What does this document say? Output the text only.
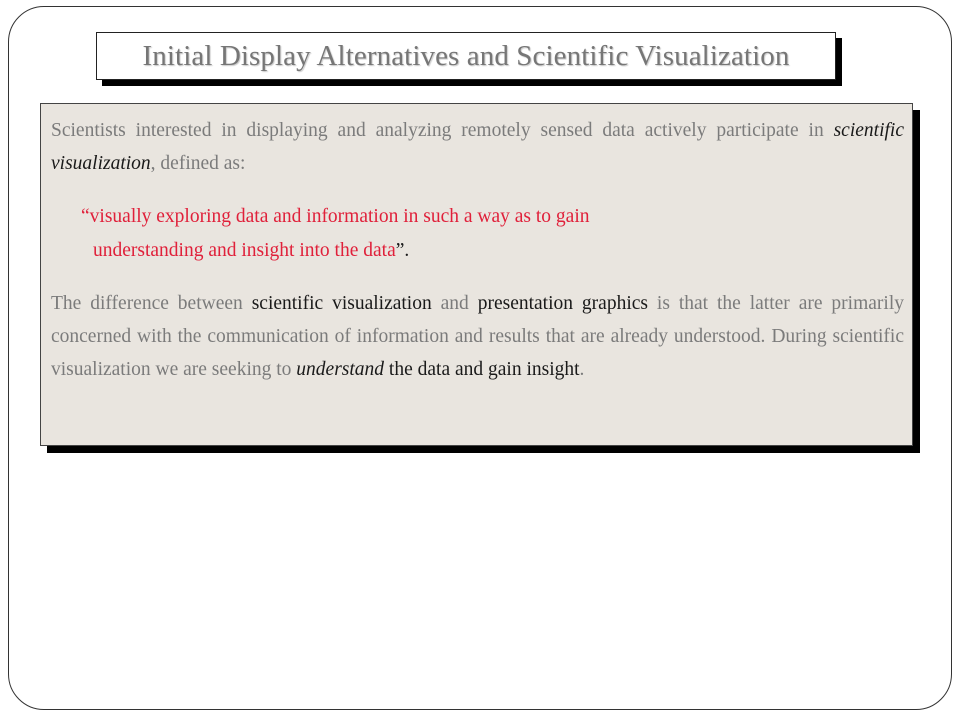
Initial Display Alternatives and Scientific Visualization

Scientists interested in displaying and analyzing remotely sensed data actively participate in scientific visualization, defined as:

“visually exploring data and information in such a way as to gain
understanding and insight into the data”.

The difference between scientific visualization and presentation graphics is that the latter are primarily concerned with the communication of information and results that are already understood. During scientific visualization we are seeking to understand the data and gain insight.
